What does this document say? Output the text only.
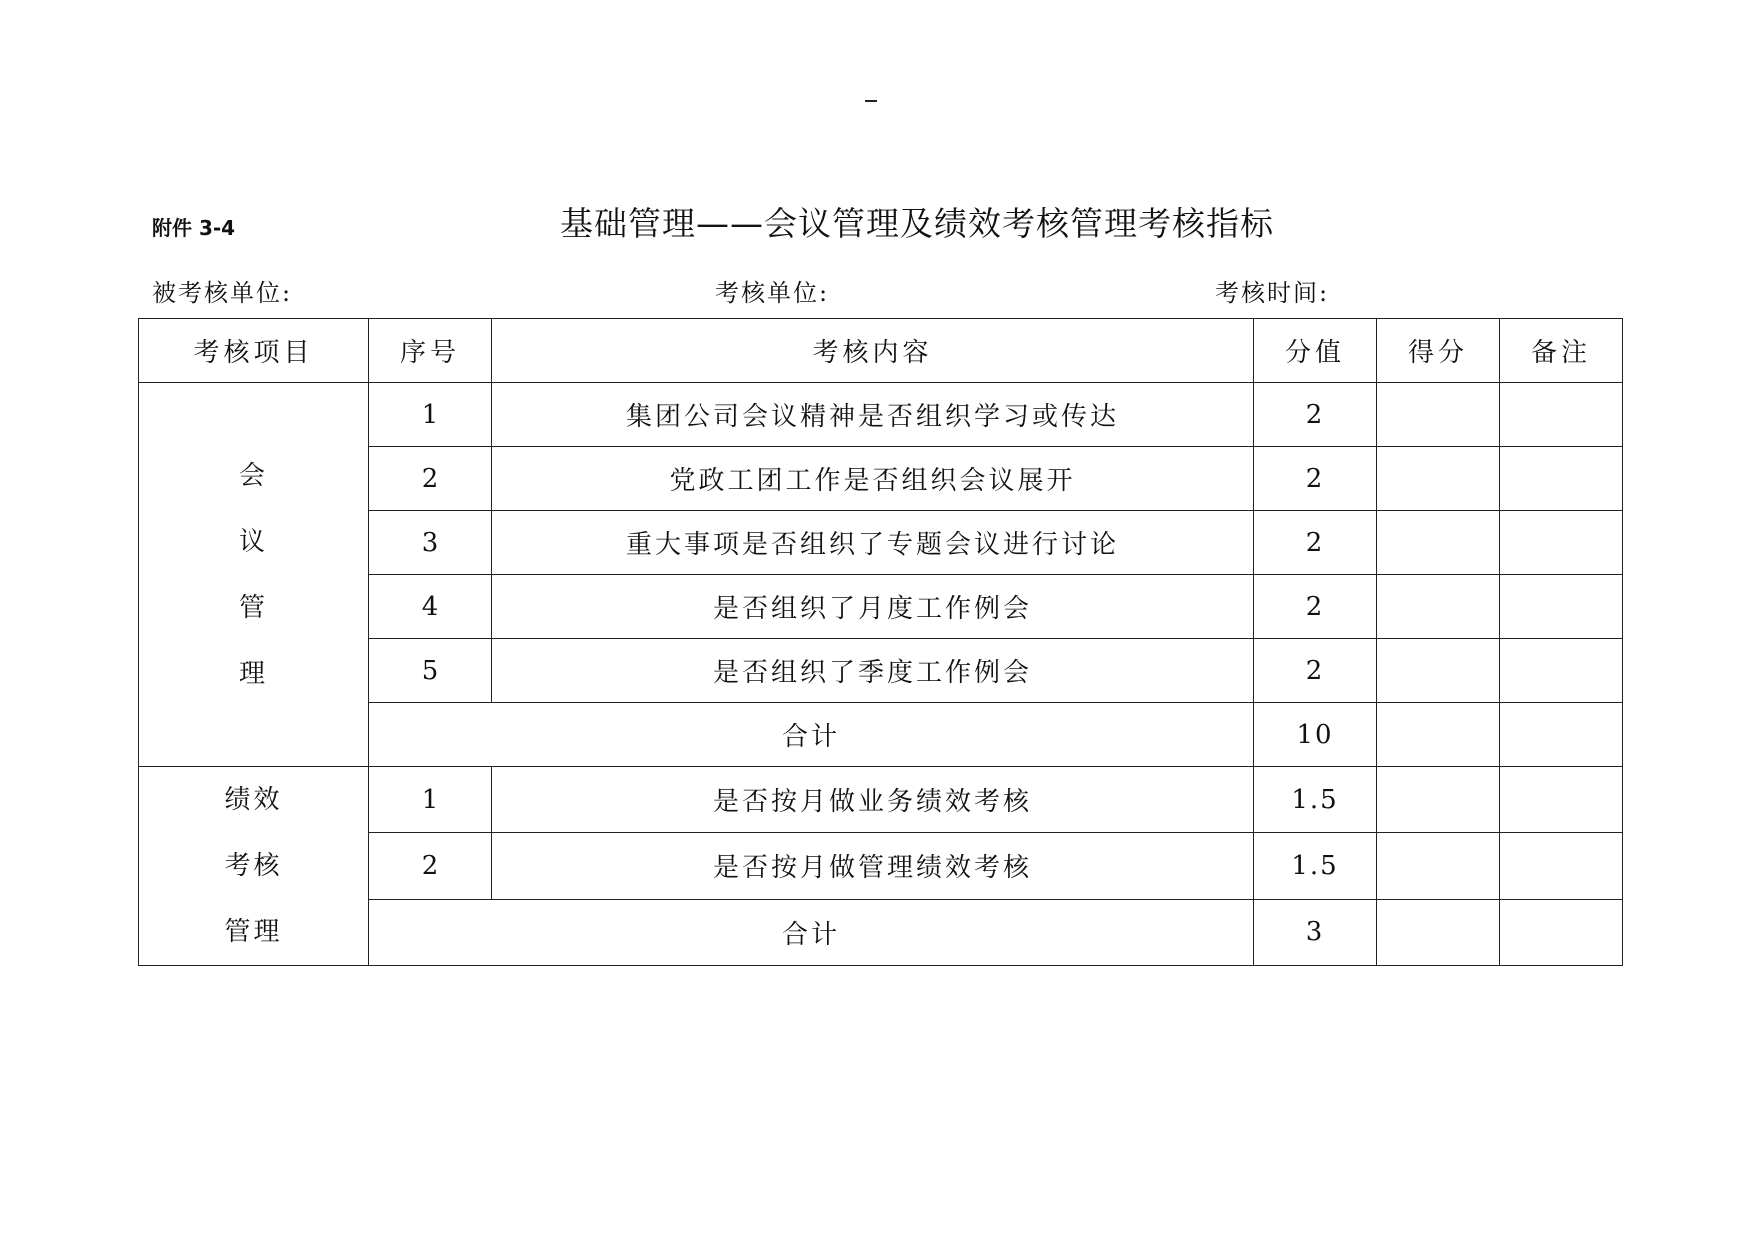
附件 3-4	基础管理——会议管理及绩效考核管理考核指标
被考核单位:	考核单位:	考核时间:
考核项目	序号	考核内容	分值	得分	备注

会
议
管
理	1	集团公司会议精神是否组织学习或传达	2		
	2	党政工团工作是否组织会议展开	2		
	3	重大事项是否组织了专题会议进行讨论	2		
	4	是否组织了月度工作例会	2		
	5	是否组织了季度工作例会	2		
	合计		10		

绩效
考核
管理	1	是否按月做业务绩效考核	1.5		
	2	是否按月做管理绩效考核	1.5		
	合计		3		
